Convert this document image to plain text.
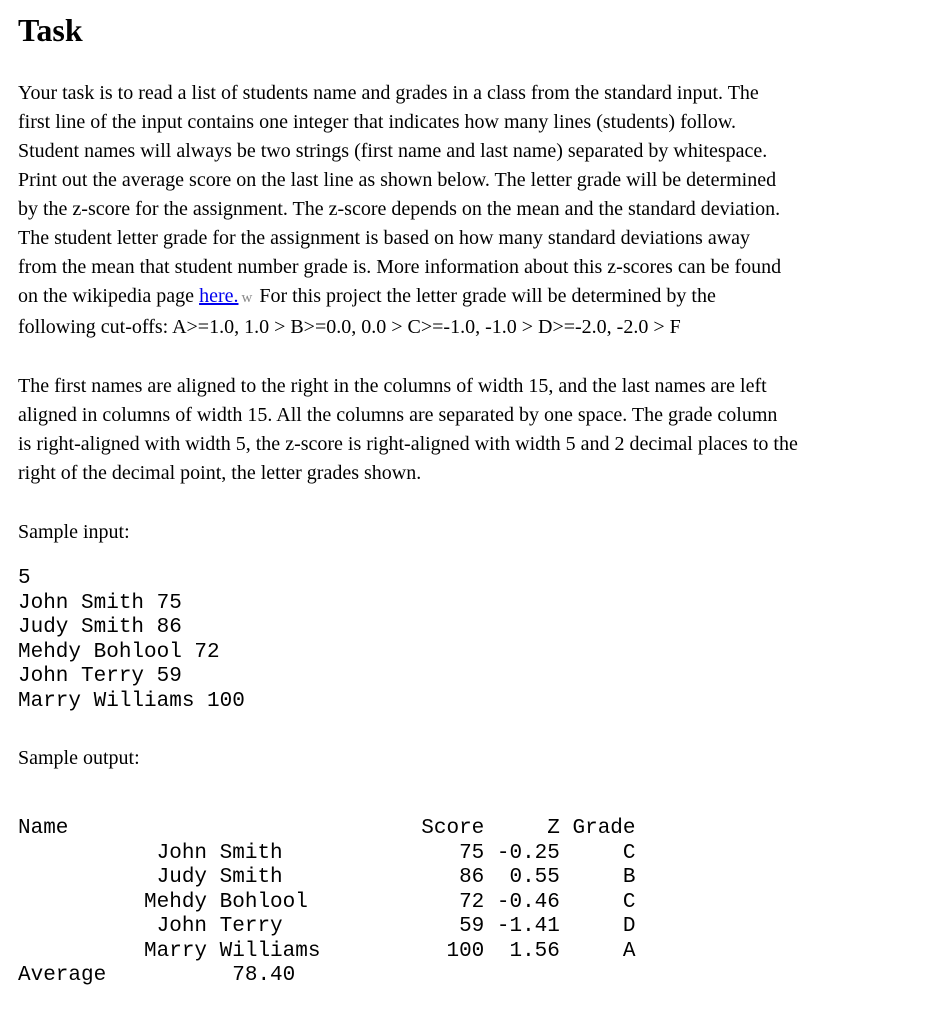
Task

Your task is to read a list of students name and grades in a class from the standard input. The
first line of the input contains one integer that indicates how many lines (students) follow.
Student names will always be two strings (first name and last name) separated by whitespace.
Print out the average score on the last line as shown below. The letter grade will be determined
by the z-score for the assignment. The z-score depends on the mean and the standard deviation.
The student letter grade for the assignment is based on how many standard deviations away
from the mean that student number grade is. More information about this z-scores can be found
on the wikipedia page here. w For this project the letter grade will be determined by the
following cut-offs: A>=1.0, 1.0 > B>=0.0, 0.0 > C>=-1.0, -1.0 > D>=-2.0, -2.0 > F

The first names are aligned to the right in the columns of width 15, and the last names are left
aligned in columns of width 15. All the columns are separated by one space. The grade column
is right-aligned with width 5, the z-score is right-aligned with width 5 and 2 decimal places to the
right of the decimal point, the letter grades shown.

Sample input:

5
John Smith 75
Judy Smith 86
Mehdy Bohlool 72
John Terry 59
Marry Williams 100

Sample output:

Name                            Score     Z Grade
John Smith              75 -0.25     C
Judy Smith              86  0.55     B
Mehdy Bohlool            72 -0.46     C
John Terry              59 -1.41     D
Marry Williams          100  1.56     A
Average          78.40
